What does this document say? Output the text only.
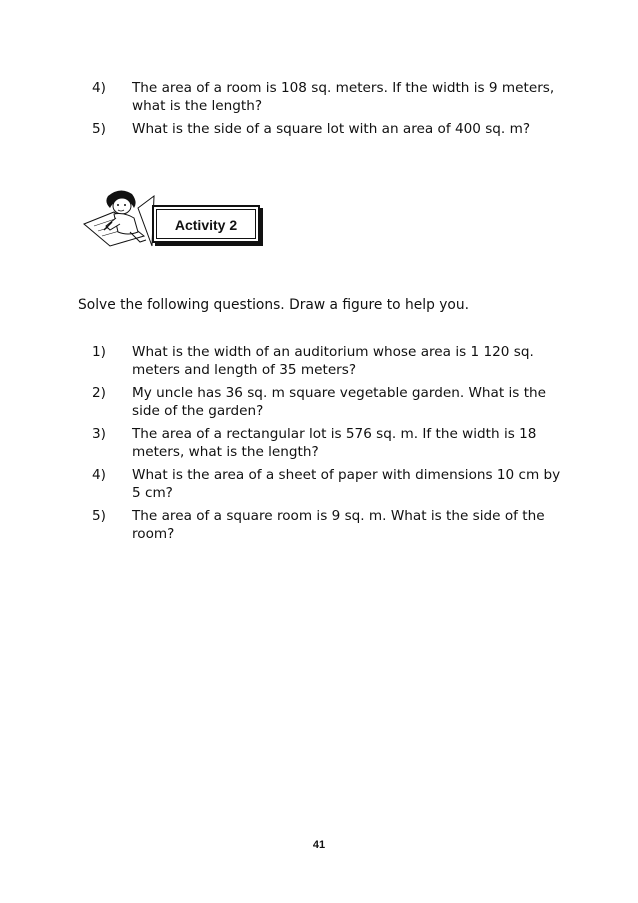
4)	The area of a room is 108 sq. meters. If the width is 9 meters, what is the length?
5)	What is the side of a square lot with an area of 400 sq. m?
Activity 2
Solve the following questions. Draw a figure to help you.
1)	What is the width of an auditorium whose area is 1 120 sq. meters and length of 35 meters?
2)	My uncle has 36 sq. m square vegetable garden. What is the side of the garden?
3)	The area of a rectangular lot is 576 sq. m. If the width is 18 meters, what is the length?
4)	What is the area of a sheet of paper with dimensions 10 cm by 5 cm?
5)	The area of a square room is 9 sq. m. What is the side of the room?
41
